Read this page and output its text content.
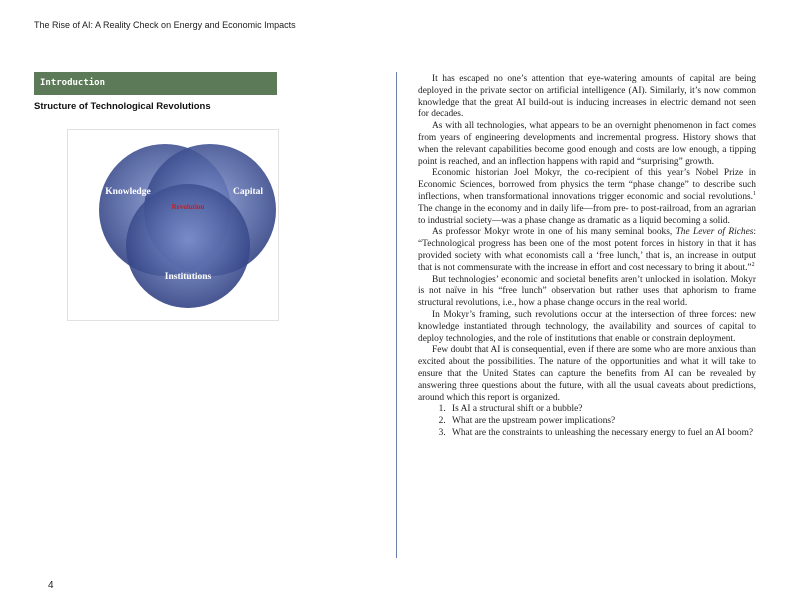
The Rise of AI: A Reality Check on Energy and Economic Impacts
Introduction
Structure of Technological Revolutions
Knowledge	Capital
Institutions
Revolution

It has escaped no one’s attention that eye-watering amounts of capital are being deployed in the private sector on artificial intelligence (AI). Similarly, it’s now common knowledge that the great AI build-out is inducing increases in electric demand not seen for decades.

As with all technologies, what appears to be an overnight phenomenon in fact comes from years of engineering developments and incremental progress. History shows that when the relevant capabilities become good enough and costs are low enough, a tipping point is reached, and an inflection happens with rapid and “surprising” growth.

Economic historian Joel Mokyr, the co-recipient of this year’s Nobel Prize in Economic Sciences, borrowed from physics the term “phase change” to describe such inflections, when transformational innovations trigger economic and social revolutions.$^1$ The change in the economy and in daily life—from pre- to post-railroad, from an agrarian to industrial society—was a phase change as dramatic as a liquid becoming a solid.

As professor Mokyr wrote in one of his many seminal books, The Lever of Riches: “Technological progress has been one of the most potent forces in history in that it has provided society with what economists call a ‘free lunch,’ that is, an increase in output that is not commensurate with the increase in effort and cost necessary to bring it about.”$^2$

But technologies’ economic and societal benefits aren’t unlocked in isolation. Mokyr is not naïve in his “free lunch” observation but rather uses that aphorism to frame structural revolutions, i.e., how a phase change occurs in the real world.

In Mokyr’s framing, such revolutions occur at the intersection of three forces: new knowledge instantiated through technology, the availability and sources of capital to deploy technologies, and the role of institutions that enable or constrain deployment.

Few doubt that AI is consequential, even if there are some who are more anxious than excited about the possibilities. The nature of the opportunities and what it will take to ensure that the United States can capture the benefits from AI can be revealed by answering three questions about the future, with all the usual caveats about predictions, around which this report is organized.

1. Is AI a structural shift or a bubble?
2. What are the upstream power implications?
3. What are the constraints to unleashing the necessary energy to fuel an AI boom?
4
